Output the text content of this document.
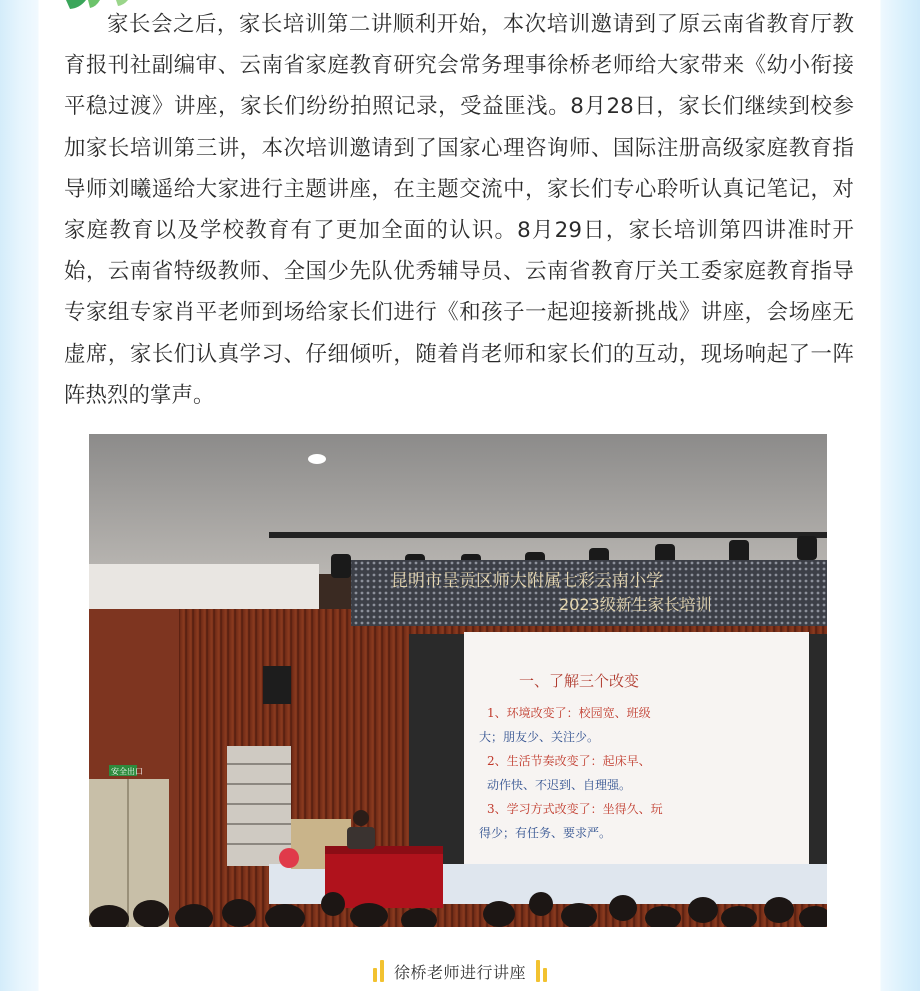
家长会之后，家长培训第二讲顺利开始，本次培训邀请到了原云南省教育厅教育报刊社副编审、云南省家庭教育研究会常务理事徐桥老师给大家带来《幼小衔接 平稳过渡》讲座，家长们纷纷拍照记录，受益匪浅。8月28日，家长们继续到校参加家长培训第三讲，本次培训邀请到了国家心理咨询师、国际注册高级家庭教育指导师刘曦遥给大家进行主题讲座，在主题交流中，家长们专心聆听认真记笔记，对家庭教育以及学校教育有了更加全面的认识。8月29日，家长培训第四讲准时开始，云南省特级教师、全国少先队优秀辅导员、云南省教育厅关工委家庭教育指导专家组专家肖平老师到场给家长们进行《和孩子一起迎接新挑战》讲座，会场座无虚席，家长们认真学习、仔细倾听，随着肖老师和家长们的互动，现场响起了一阵阵热烈的掌声。

昆明市呈贡区师大附属七彩云南小学
2023级新生家长培训
安全出口
一、了解三个改变
1、环境改变了：校园宽、班级
大；朋友少、关注少。
2、生活节奏改变了：起床早、
动作快、不迟到、自理强。
3、学习方式改变了：坐得久、玩
得少；有任务、要求严。
徐桥老师进行讲座
